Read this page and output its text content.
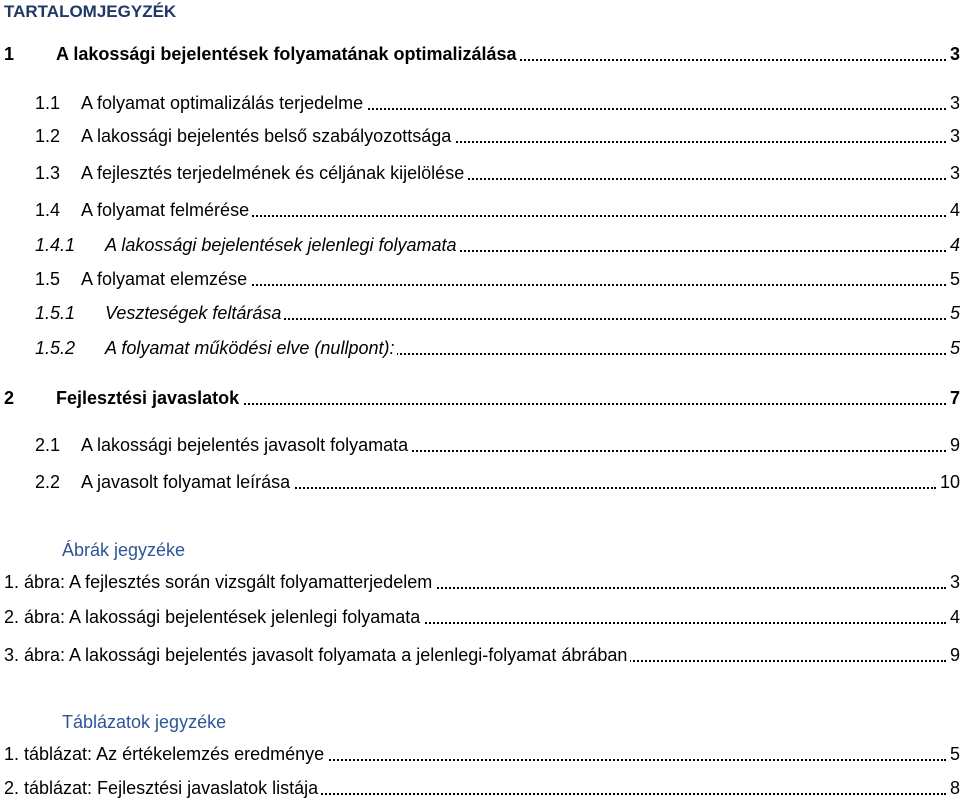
TARTALOMJEGYZÉK
1 A lakossági bejelentések folyamatának optimalizálása	3
1.1 A folyamat optimalizálás terjedelme	3
1.2 A lakossági bejelentés belső szabályozottsága	3
1.3 A fejlesztés terjedelmének és céljának kijelölése	3
1.4 A folyamat felmérése	4
1.4.1 A lakossági bejelentések jelenlegi folyamata	4
1.5 A folyamat elemzése	5
1.5.1 Veszteségek feltárása	5
1.5.2 A folyamat működési elve (nullpont):	5
2 Fejlesztési javaslatok	7
2.1 A lakossági bejelentés javasolt folyamata	9
2.2 A javasolt folyamat leírása	10
Ábrák jegyzéke
1. ábra: A fejlesztés során vizsgált folyamatterjedelem	3
2. ábra: A lakossági bejelentések jelenlegi folyamata	4
3. ábra: A lakossági bejelentés javasolt folyamata a jelenlegi-folyamat ábrában	9
Táblázatok jegyzéke
1. táblázat: Az értékelemzés eredménye	5
2. táblázat: Fejlesztési javaslatok listája	8
